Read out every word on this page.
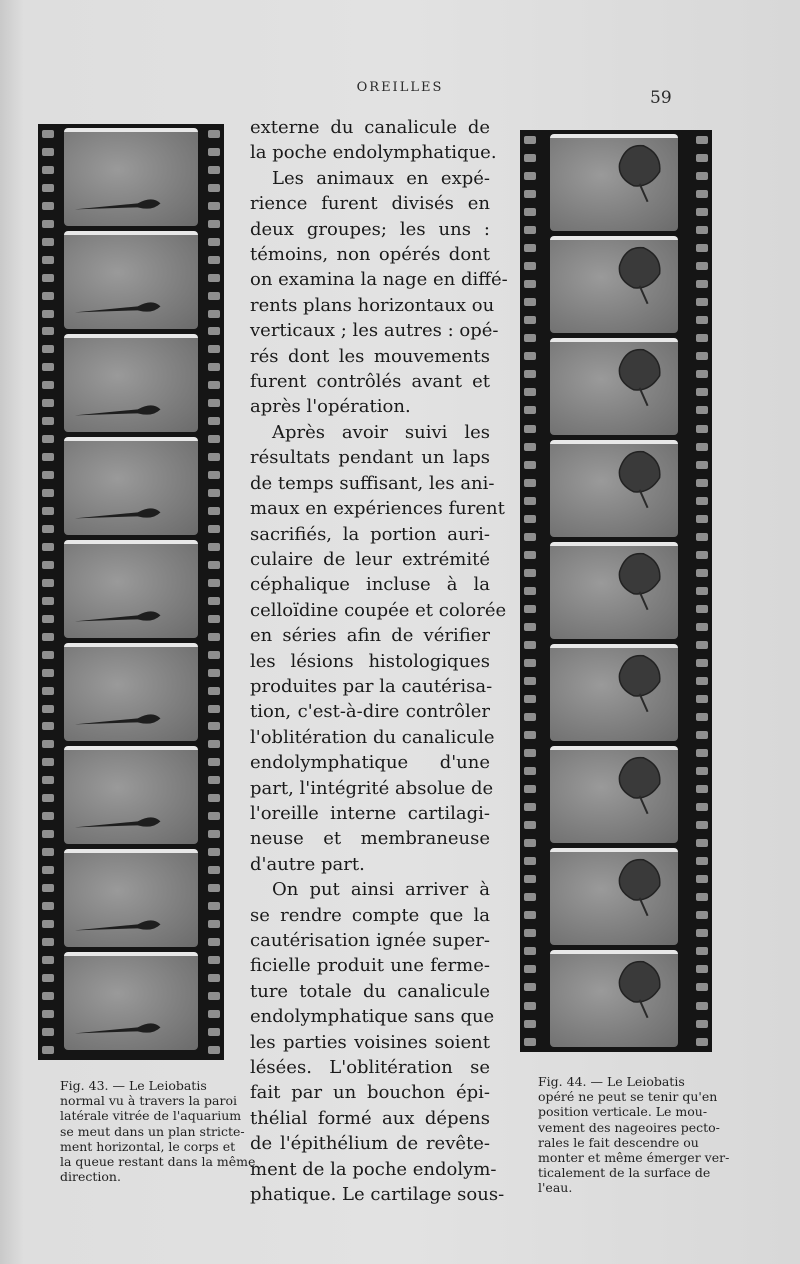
OREILLES
59
externe du canalicule de
la poche endolymphatique.
Les animaux en expé-
rience furent divisés en
deux groupes; les uns :
témoins, non opérés dont
on examina la nage en diffé-
rents plans horizontaux ou
verticaux ; les autres : opé-
rés dont les mouvements
furent contrôlés avant et
après l'opération.
Après avoir suivi les
résultats pendant un laps
de temps suffisant, les ani-
maux en expériences furent
sacrifiés, la portion auri-
culaire de leur extrémité
céphalique incluse à la
celloïdine coupée et colorée
en séries afin de vérifier
les lésions histologiques
produites par la cautérisa-
tion, c'est-à-dire contrôler
l'oblitération du canalicule
endolymphatique d'une
part, l'intégrité absolue de
l'oreille interne cartilagi-
neuse et membraneuse
d'autre part.
On put ainsi arriver à
se rendre compte que la
cautérisation ignée super-
ficielle produit une ferme-
ture totale du canalicule
endolymphatique sans que
les parties voisines soient
lésées. L'oblitération se
fait par un bouchon épi-
thélial formé aux dépens
de l'épithélium de revête-
ment de la poche endolym-
phatique. Le cartilage sous-
Fig. 43. — Le Leiobatis
normal vu à travers la paroi
latérale vitrée de l'aquarium
se meut dans un plan stricte-
ment horizontal, le corps et
la queue restant dans la même
direction.
Fig. 44. — Le Leiobatis
opéré ne peut se tenir qu'en
position verticale. Le mou-
vement des nageoires pecto-
rales le fait descendre ou
monter et même émerger ver-
ticalement de la surface de
l'eau.
